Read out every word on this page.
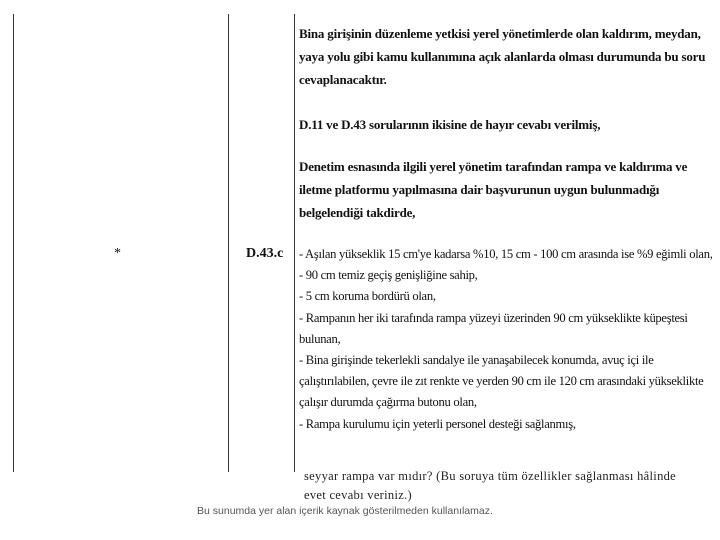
*	D.43.c

Bina girişinin düzenleme yetkisi yerel yönetimlerde olan kaldırım, meydan, yaya yolu gibi kamu kullanımına açık alanlarda olması durumunda bu soru cevaplanacaktır.

D.11 ve D.43 sorularının ikisine de hayır cevabı verilmiş,

Denetim esnasında ilgili yerel yönetim tarafından rampa ve kaldırıma ve iletme platformu yapılmasına dair başvurunun uygun bulunmadığı belgelendiği takdirde,

- Aşılan yükseklik 15 cm'ye kadarsa %10, 15 cm - 100 cm arasında ise %9 eğimli olan,
- 90 cm temiz geçiş genişliğine sahip,
- 5 cm koruma bordürü olan,
- Rampanın her iki tarafında rampa yüzeyi üzerinden 90 cm yükseklikte küpeştesi bulunan,
- Bina girişinde tekerlekli sandalye ile yanaşabilecek konumda, avuç içi ile çalıştırılabilen, çevre ile zıt renkte ve yerden 90 cm ile 120 cm arasındaki yükseklikte çalışır durumda çağırma butonu olan,
- Rampa kurulumu için yeterli personel desteği sağlanmış,

seyyar rampa var mıdır? (Bu soruya tüm özellikler sağlanması hâlinde evet cevabı veriniz.)

Bu sunumda yer alan içerik kaynak gösterilmeden kullanılamaz.
